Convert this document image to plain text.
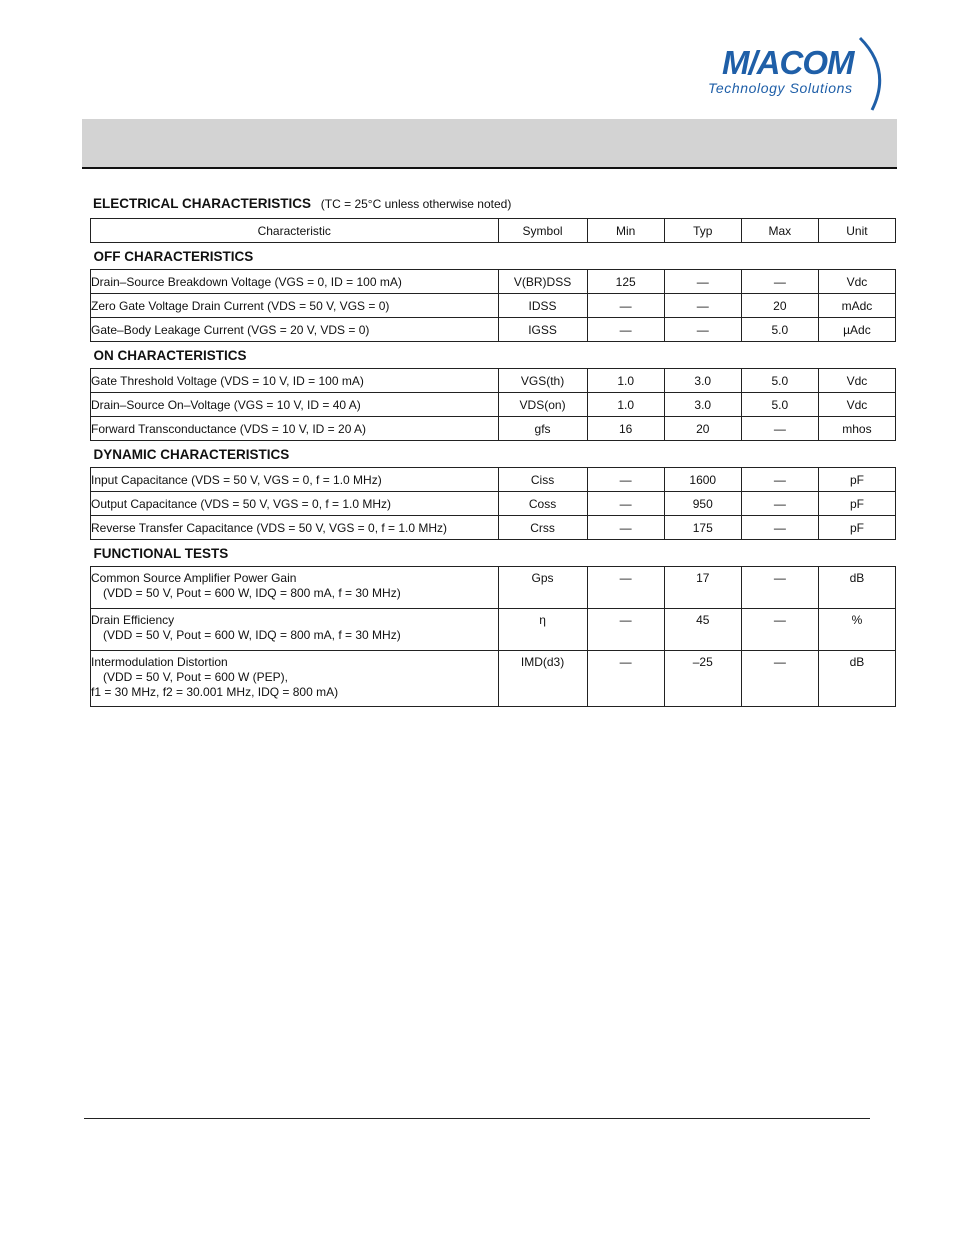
M/ACOM
Technology Solutions
ELECTRICAL CHARACTERISTICS (TC = 25°C unless otherwise noted)
Characteristic	Symbol	Min	Typ	Max	Unit
OFF CHARACTERISTICS					
Drain–Source Breakdown Voltage (VGS = 0, ID = 100 mA)	V(BR)DSS	125	—	—	Vdc
Zero Gate Voltage Drain Current (VDS = 50 V, VGS = 0)	IDSS	—	—	20	mAdc
Gate–Body Leakage Current (VGS = 20 V, VDS = 0)	IGSS	—	—	5.0	µAdc
ON CHARACTERISTICS					
Gate Threshold Voltage (VDS = 10 V, ID = 100 mA)	VGS(th)	1.0	3.0	5.0	Vdc
Drain–Source On–Voltage (VGS = 10 V, ID = 40 A)	VDS(on)	1.0	3.0	5.0	Vdc
Forward Transconductance (VDS = 10 V, ID = 20 A)	gfs	16	20	—	mhos
DYNAMIC CHARACTERISTICS					
Input Capacitance (VDS = 50 V, VGS = 0, f = 1.0 MHz)	Ciss	—	1600	—	pF
Output Capacitance (VDS = 50 V, VGS = 0, f = 1.0 MHz)	Coss	—	950	—	pF
Reverse Transfer Capacitance (VDS = 50 V, VGS = 0, f = 1.0 MHz)	Crss	—	175	—	pF
FUNCTIONAL TESTS					
Common Source Amplifier Power Gain
(VDD = 50 V, Pout = 600 W, IDQ = 800 mA, f = 30 MHz)	Gps	—	17	—	dB
Drain Efficiency
(VDD = 50 V, Pout = 600 W, IDQ = 800 mA, f = 30 MHz)	η	—	45	—	%
Intermodulation Distortion
(VDD = 50 V, Pout = 600 W (PEP),
f1 = 30 MHz, f2 = 30.001 MHz, IDQ = 800 mA)	IMD(d3)	—	–25	—	dB
